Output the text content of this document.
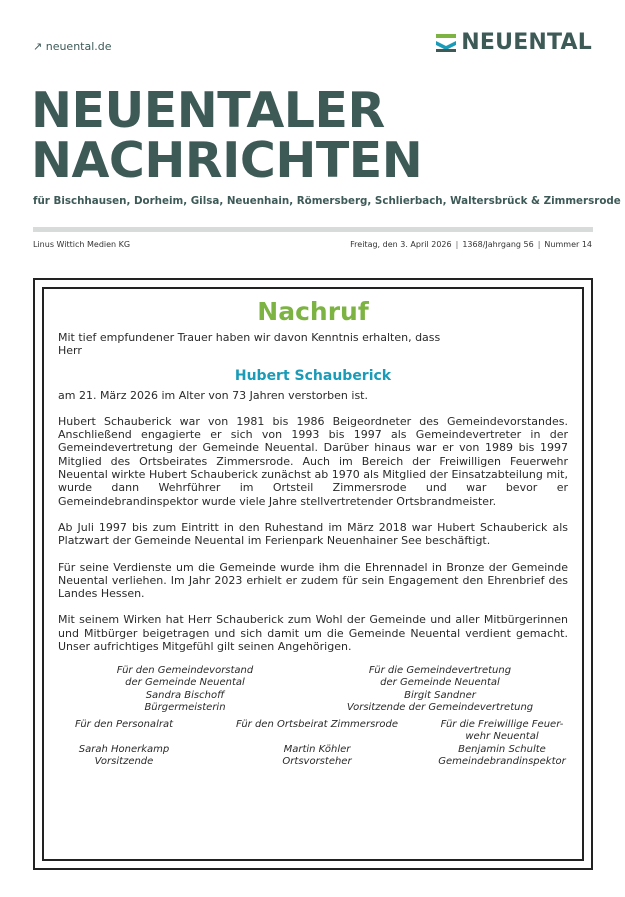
↗ neuental.de	NEUENTAL
NEUENTALER
NACHRICHTEN
für Bischhausen, Dorheim, Gilsa, Neuenhain, Römersberg, Schlierbach, Waltersbrück & Zimmersrode
Linus Wittich Medien KG	Freitag, den 3. April 2026 | 1368/Jahrgang 56 | Nummer 14
Nachruf
Mit tief empfundener Trauer haben wir davon Kenntnis erhalten, dass
Herr
Hubert Schauberick

am 21. März 2026 im Alter von 73 Jahren verstorben ist.

Hubert Schauberick war von 1981 bis 1986 Beigeordneter des Gemeindevorstandes. Anschließend engagierte er sich von 1993 bis 1997 als Gemeindevertreter in der Gemeindevertretung der Gemeinde Neuental. Darüber hinaus war er von 1989 bis 1997 Mitglied des Ortsbeirates Zimmersrode. Auch im Bereich der Freiwilligen Feuerwehr Neuental wirkte Hubert Schauberick zunächst ab 1970 als Mitglied der Einsatzabteilung mit, wurde dann Wehrführer im Ortsteil Zimmersrode und war bevor er Gemeindebrandinspektor wurde viele Jahre stellvertretender Ortsbrandmeister.

Ab Juli 1997 bis zum Eintritt in den Ruhestand im März 2018 war Hubert Schauberick als Platzwart der Gemeinde Neuental im Ferienpark Neuenhainer See beschäftigt.

Für seine Verdienste um die Gemeinde wurde ihm die Ehrennadel in Bronze der Gemeinde Neuental verliehen. Im Jahr 2023 erhielt er zudem für sein Engagement den Ehrenbrief des Landes Hessen.

Mit seinem Wirken hat Herr Schauberick zum Wohl der Gemeinde und aller Mitbürgerinnen und Mitbürger beigetragen und sich damit um die Gemeinde Neuental verdient gemacht. Unser aufrichtiges Mitgefühl gilt seinen Angehörigen.

Für den Gemeindevorstand
der Gemeinde Neuental
Sandra Bischoff
Bürgermeisterin
Für die Gemeindevertretung
der Gemeinde Neuental
Birgit Sandner
Vorsitzende der Gemeindevertretung
Für den Personalrat
Sarah Honerkamp
Vorsitzende
Für den Ortsbeirat Zimmersrode
Martin Köhler
Ortsvorsteher
Für die Freiwillige Feuer-
wehr Neuental
Benjamin Schulte
Gemeindebrandinspektor
